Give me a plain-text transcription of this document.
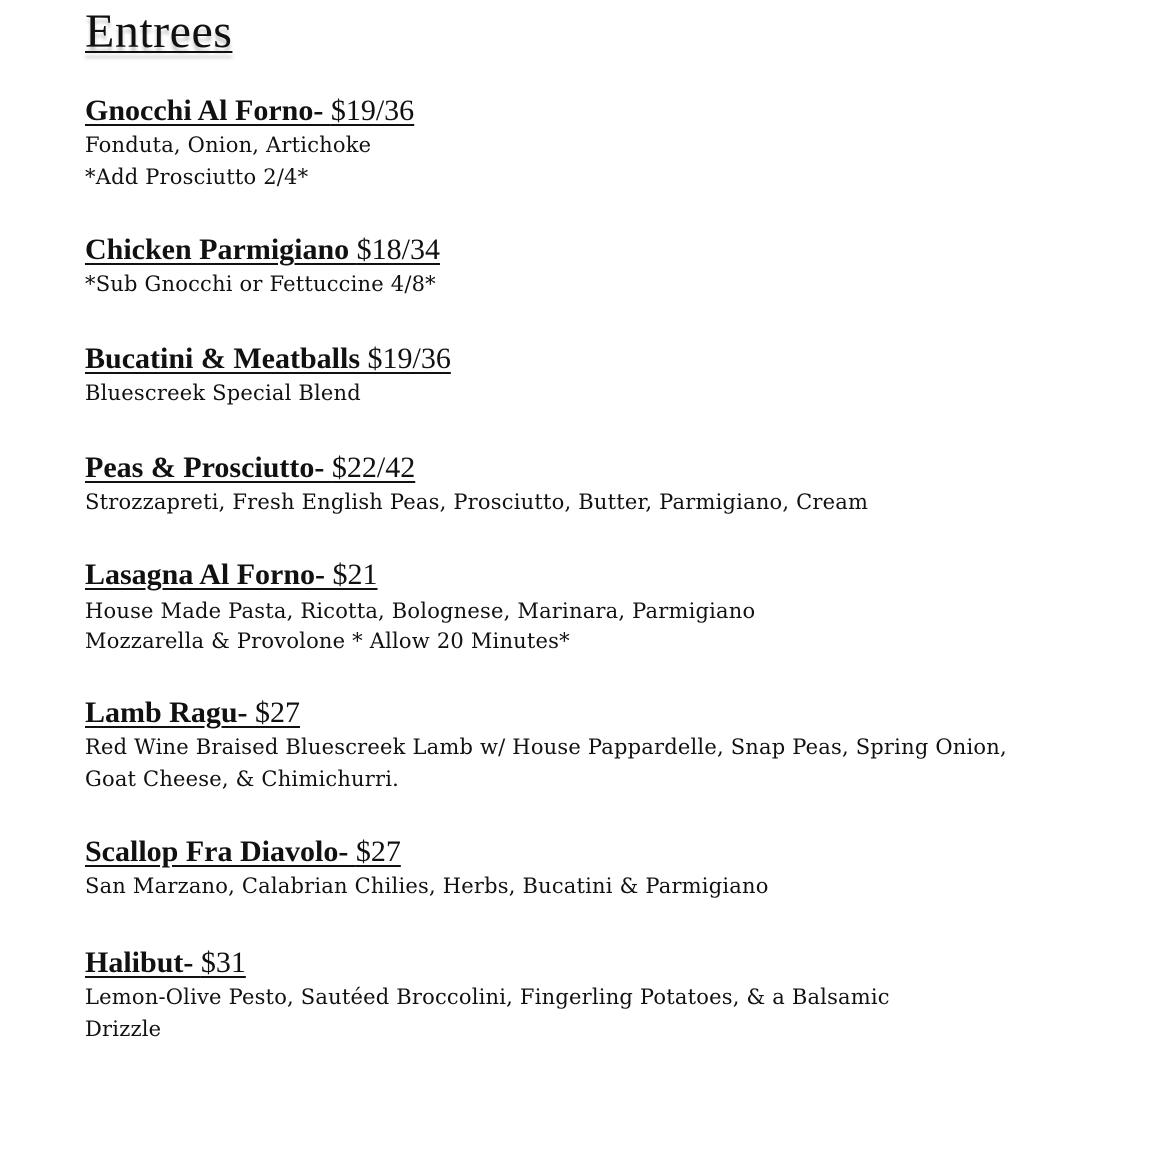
Entrees
Gnocchi Al Forno- $19/36
Fonduta, Onion, Artichoke
*Add Prosciutto 2/4*
Chicken Parmigiano $18/34
*Sub Gnocchi or Fettuccine 4/8*
Bucatini & Meatballs $19/36
Bluescreek Special Blend
Peas & Prosciutto- $22/42
Strozzapreti, Fresh English Peas, Prosciutto, Butter, Parmigiano, Cream
Lasagna Al Forno- $21
House Made Pasta, Ricotta, Bolognese, Marinara, Parmigiano
Mozzarella & Provolone * Allow 20 Minutes*
Lamb Ragu- $27
Red Wine Braised Bluescreek Lamb w/ House Pappardelle, Snap Peas, Spring Onion,
Goat Cheese, & Chimichurri.
Scallop Fra Diavolo- $27
San Marzano, Calabrian Chilies, Herbs, Bucatini & Parmigiano
Halibut- $31
Lemon-Olive Pesto, Sautéed Broccolini, Fingerling Potatoes, & a Balsamic
Drizzle
